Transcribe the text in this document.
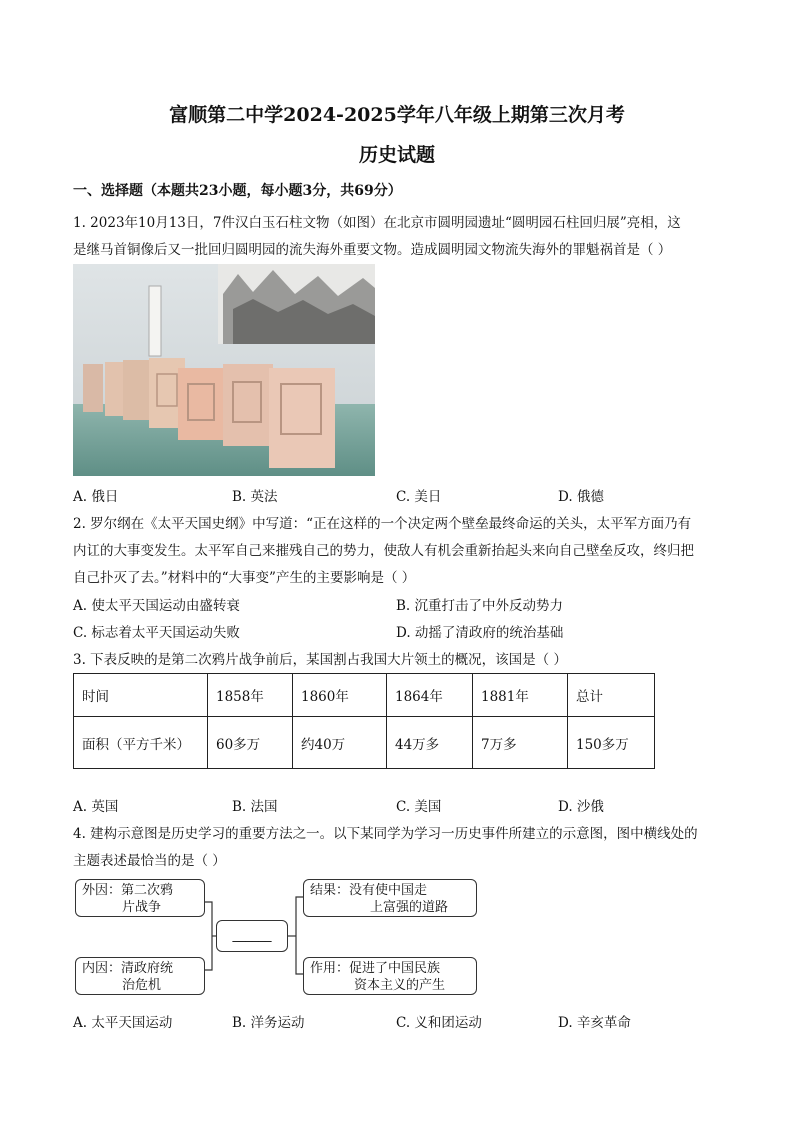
富顺第二中学2024-2025学年八年级上期第三次月考
历史试题
一、选择题（本题共23小题，每小题3分，共69分）
1. 2023年10月13日，7件汉白玉石柱文物（如图）在北京市圆明园遗址“圆明园石柱回归展”亮相，这
是继马首铜像后又一批回归圆明园的流失海外重要文物。造成圆明园文物流失海外的罪魁祸首是（ ）
A. 俄日	B. 英法	C. 美日	D. 俄德
2. 罗尔纲在《太平天国史纲》中写道：“正在这样的一个决定两个壁垒最终命运的关头，太平军方面乃有
内讧的大事变发生。太平军自己来摧残自己的势力，使敌人有机会重新抬起头来向自己壁垒反攻，终归把
自己扑灭了去。”材料中的“大事变”产生的主要影响是（ ）
A. 使太平天国运动由盛转衰	B. 沉重打击了中外反动势力
C. 标志着太平天国运动失败	D. 动摇了清政府的统治基础
3. 下表反映的是第二次鸦片战争前后，某国割占我国大片领土的概况，该国是（ ）
时间	1858年	1860年	1864年	1881年	总计
面积（平方千米）	60多万	约40万	44万多	7万多	150多万
A. 英国	B. 法国	C. 美国	D. 沙俄
4. 建构示意图是历史学习的重要方法之一。以下某同学为学习一历史事件所建立的示意图，图中横线处的
主题表述最恰当的是（ ）
外因：第二次鸦
片战争
内因：清政府统
治危机
______
结果：没有使中国走
上富强的道路
作用：促进了中国民族
资本主义的产生
A. 太平天国运动	B. 洋务运动	C. 义和团运动	D. 辛亥革命
